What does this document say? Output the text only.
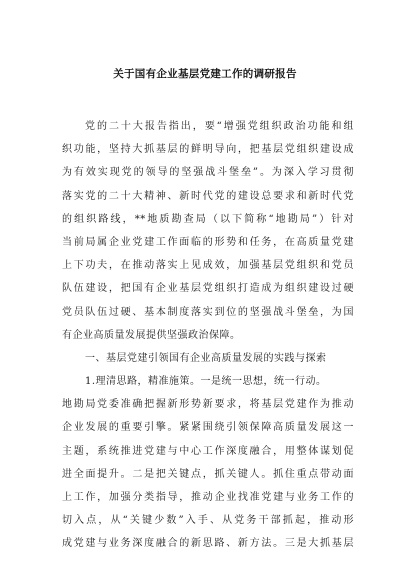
关于国有企业基层党建工作的调研报告
党的二十大报告指出，要“增强党组织政治功能和组
织功能，坚持大抓基层的鲜明导向，把基层党组织建设成
为有效实现党的领导的坚强战斗堡垒”。为深入学习贯彻
落实党的二十大精神、新时代党的建设总要求和新时代党
的组织路线，**地质勘查局（以下简称“地勘局”）针对
当前局属企业党建工作面临的形势和任务，在高质量党建
上下功夫，在推动落实上见成效，加强基层党组织和党员
队伍建设，把国有企业基层党组织打造成为组织建设过硬
党员队伍过硬、基本制度落实到位的坚强战斗堡垒，为国
有企业高质量发展提供坚强政治保障。
一、基层党建引领国有企业高质量发展的实践与探索
1.理清思路，精准施策。一是统一思想，统一行动。
地勘局党委准确把握新形势新要求，将基层党建作为推动
企业发展的重要引擎。紧紧围绕引领保障高质量发展这一
主题，系统推进党建与中心工作深度融合，用整体谋划促
进全面提升。二是把关键点，抓关键人。抓住重点带动面
上工作，加强分类指导，推动企业找准党建与业务工作的
切入点，从“关键少数”入手、从党务干部抓起，推动形
成党建与业务深度融合的新思路、新方法。三是大抓基层
